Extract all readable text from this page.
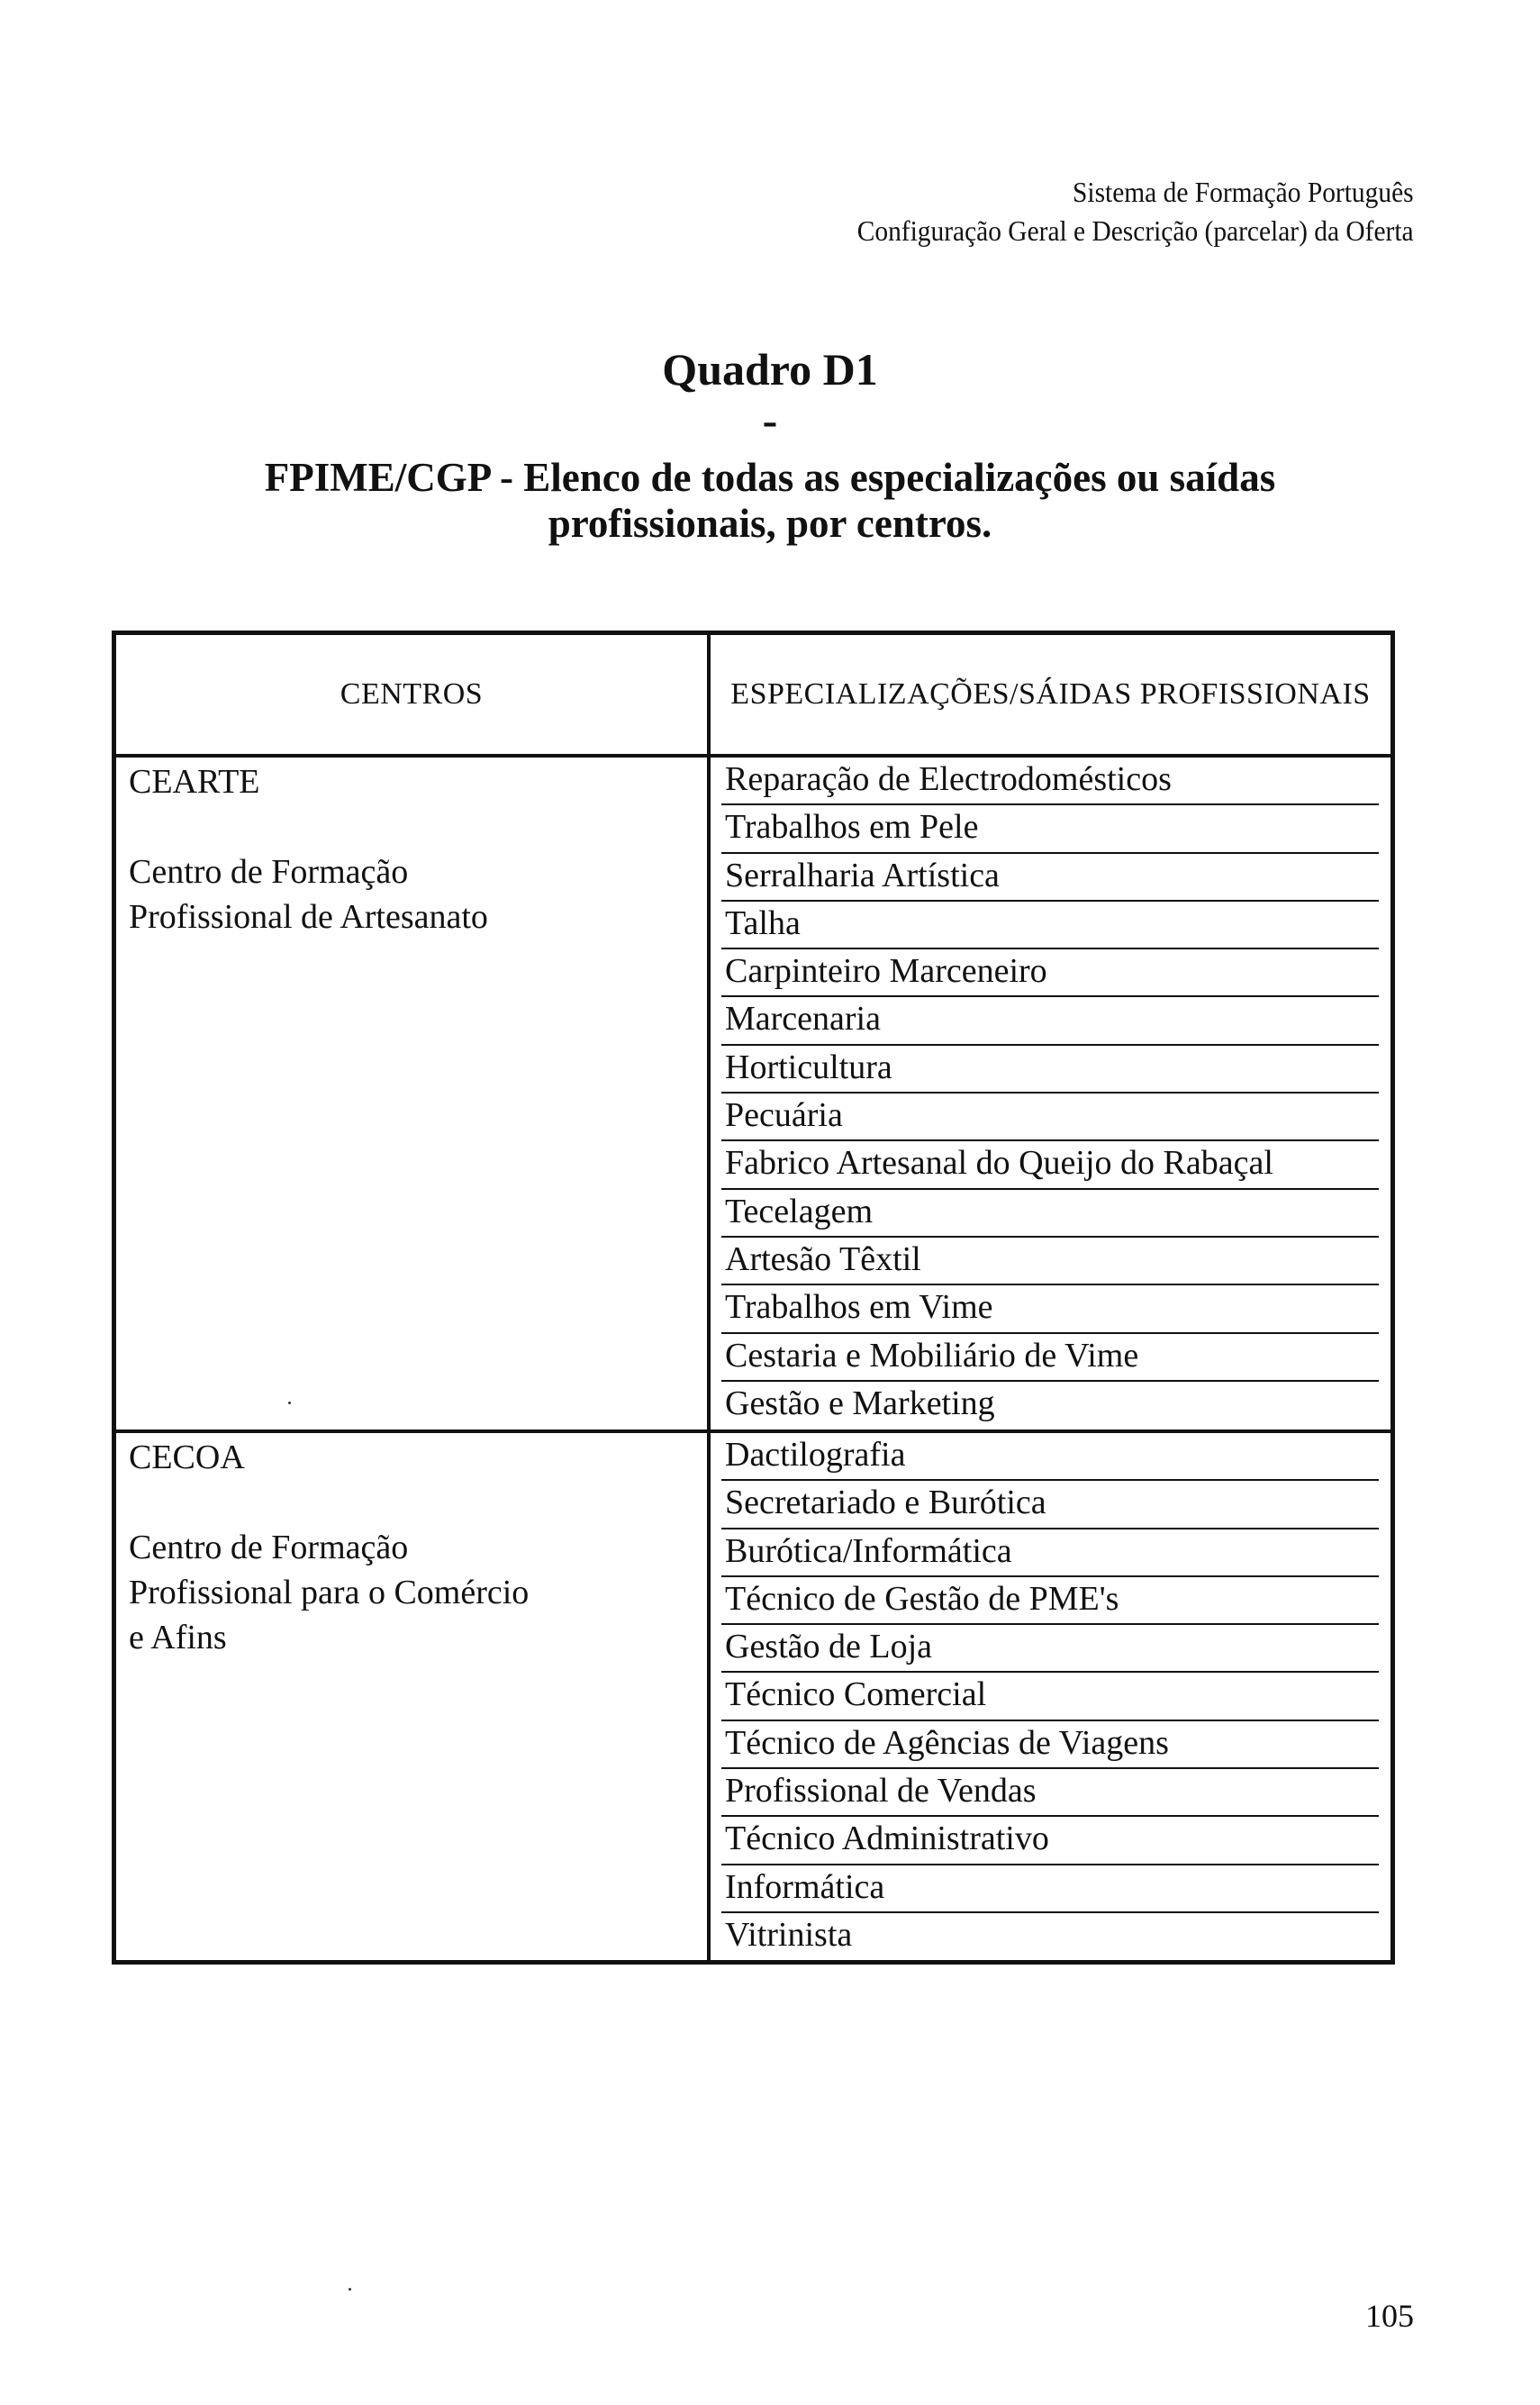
Sistema de Formação Português
Configuração Geral e Descrição (parcelar) da Oferta
Quadro D1
-
FPIME/CGP - Elenco de todas as especializações ou saídas
profissionais, por centros.
CENTROS	ESPECIALIZAÇÕES/SÁIDAS PROFISSIONAIS
CEARTE
Centro de Formação
Profissional de Artesanato
Reparação de Electrodomésticos
Trabalhos em Pele
Serralharia Artística
Talha
Carpinteiro Marceneiro
Marcenaria
Horticultura
Pecuária
Fabrico Artesanal do Queijo do Rabaçal
Tecelagem
Artesão Têxtil
Trabalhos em Vime
Cestaria e Mobiliário de Vime
Gestão e Marketing
CECOA
Centro de Formação
Profissional para o Comércio
e Afins
Dactilografia
Secretariado e Burótica
Burótica/Informática
Técnico de Gestão de PME's
Gestão de Loja
Técnico Comercial
Técnico de Agências de Viagens
Profissional de Vendas
Técnico Administrativo
Informática
Vitrinista
105
